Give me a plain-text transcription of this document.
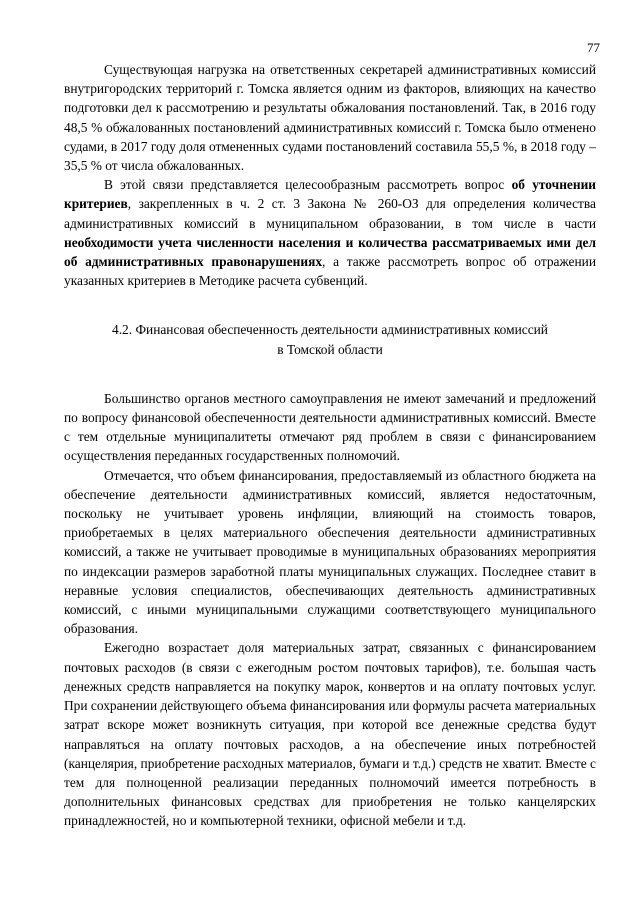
77

Существующая нагрузка на ответственных секретарей административных комиссий внутригородских территорий г. Томска является одним из факторов, влияющих на качество подготовки дел к рассмотрению и результаты обжалования постановлений. Так, в 2016 году 48,5 % обжалованных постановлений административных комиссий г. Томска было отменено судами, в 2017 году доля отмененных судами постановлений составила 55,5 %, в 2018 году – 35,5 % от числа обжалованных.

В этой связи представляется целесообразным рассмотреть вопрос об уточнении критериев, закрепленных в ч. 2 ст. 3 Закона № 260-ОЗ для определения количества административных комиссий в муниципальном образовании, в том числе в части необходимости учета численности населения и количества рассматриваемых ими дел об административных правонарушениях, а также рассмотреть вопрос об отражении указанных критериев в Методике расчета субвенций.

4.2. Финансовая обеспеченность деятельности административных комиссий
в Томской области

Большинство органов местного самоуправления не имеют замечаний и предложений по вопросу финансовой обеспеченности деятельности административных комиссий. Вместе с тем отдельные муниципалитеты отмечают ряд проблем в связи с финансированием осуществления переданных государственных полномочий.

Отмечается, что объем финансирования, предоставляемый из областного бюджета на обеспечение деятельности административных комиссий, является недостаточным, поскольку не учитывает уровень инфляции, влияющий на стоимость товаров, приобретаемых в целях материального обеспечения деятельности административных комиссий, а также не учитывает проводимые в муниципальных образованиях мероприятия по индексации размеров заработной платы муниципальных служащих. Последнее ставит в неравные условия специалистов, обеспечивающих деятельность административных комиссий, с иными муниципальными служащими соответствующего муниципального образования.

Ежегодно возрастает доля материальных затрат, связанных с финансированием почтовых расходов (в связи с ежегодным ростом почтовых тарифов), т.е. большая часть денежных средств направляется на покупку марок, конвертов и на оплату почтовых услуг. При сохранении действующего объема финансирования или формулы расчета материальных затрат вскоре может возникнуть ситуация, при которой все денежные средства будут направляться на оплату почтовых расходов, а на обеспечение иных потребностей (канцелярия, приобретение расходных материалов, бумаги и т.д.) средств не хватит. Вместе с тем для полноценной реализации переданных полномочий имеется потребность в дополнительных финансовых средствах для приобретения не только канцелярских принадлежностей, но и компьютерной техники, офисной мебели и т.д.
